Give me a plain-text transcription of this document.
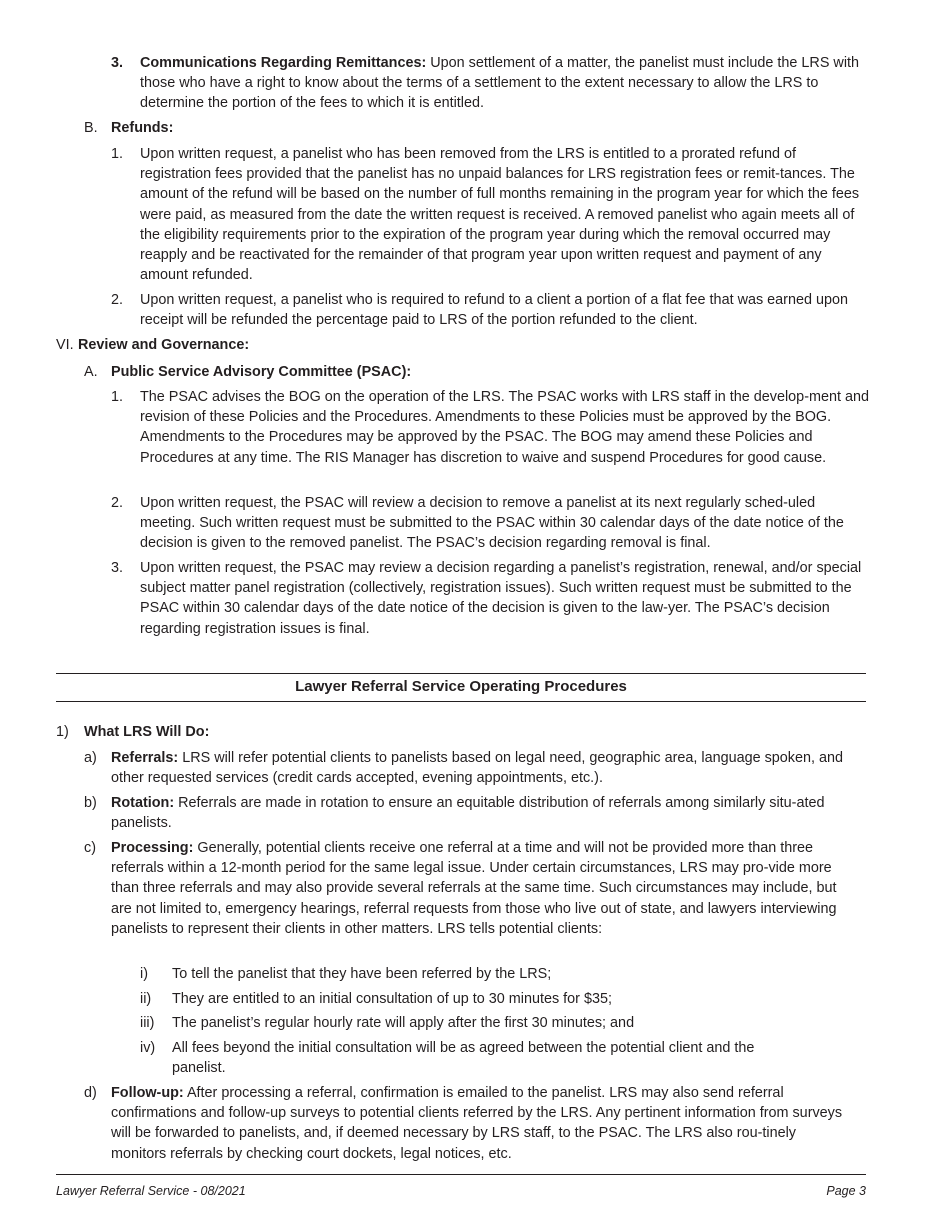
3. Communications Regarding Remittances: Upon settlement of a matter, the panelist must include the LRS with those who have a right to know about the terms of a settlement to the extent necessary to allow the LRS to determine the portion of the fees to which it is entitled.
B. Refunds:
1. Upon written request, a panelist who has been removed from the LRS is entitled to a prorated refund of registration fees provided that the panelist has no unpaid balances for LRS registration fees or remit-tances. The amount of the refund will be based on the number of full months remaining in the program year for which the fees were paid, as measured from the date the written request is received. A removed panelist who again meets all of the eligibility requirements prior to the expiration of the program year during which the removal occurred may reapply and be reactivated for the remainder of that program year upon written request and payment of any amount refunded.
2. Upon written request, a panelist who is required to refund to a client a portion of a flat fee that was earned upon receipt will be refunded the percentage paid to LRS of the portion refunded to the client.
VI. Review and Governance:
A. Public Service Advisory Committee (PSAC):
1. The PSAC advises the BOG on the operation of the LRS. The PSAC works with LRS staff in the develop-ment and revision of these Policies and the Procedures. Amendments to these Policies must be approved by the BOG. Amendments to the Procedures may be approved by the PSAC. The BOG may amend these Policies and Procedures at any time. The RIS Manager has discretion to waive and suspend Procedures for good cause.
2. Upon written request, the PSAC will review a decision to remove a panelist at its next regularly sched-uled meeting. Such written request must be submitted to the PSAC within 30 calendar days of the date notice of the decision is given to the removed panelist. The PSAC’s decision regarding removal is final.
3. Upon written request, the PSAC may review a decision regarding a panelist’s registration, renewal, and/or special subject matter panel registration (collectively, registration issues). Such written request must be submitted to the PSAC within 30 calendar days of the date notice of the decision is given to the law-yer. The PSAC’s decision regarding registration issues is final.
Lawyer Referral Service Operating Procedures
1) What LRS Will Do:
a) Referrals: LRS will refer potential clients to panelists based on legal need, geographic area, language spoken, and other requested services (credit cards accepted, evening appointments, etc.).
b) Rotation: Referrals are made in rotation to ensure an equitable distribution of referrals among similarly situ-ated panelists.
c) Processing: Generally, potential clients receive one referral at a time and will not be provided more than three referrals within a 12-month period for the same legal issue. Under certain circumstances, LRS may pro-vide more than three referrals and may also provide several referrals at the same time. Such circumstances may include, but are not limited to, emergency hearings, referral requests from those who live out of state, and lawyers interviewing panelists to represent their clients in other matters. LRS tells potential clients:
i) To tell the panelist that they have been referred by the LRS;
ii) They are entitled to an initial consultation of up to 30 minutes for $35;
iii) The panelist’s regular hourly rate will apply after the first 30 minutes; and
iv) All fees beyond the initial consultation will be as agreed between the potential client and the panelist.
d) Follow-up: After processing a referral, confirmation is emailed to the panelist. LRS may also send referral confirmations and follow-up surveys to potential clients referred by the LRS. Any pertinent information from surveys will be forwarded to panelists, and, if deemed necessary by LRS staff, to the PSAC. The LRS also rou-tinely monitors referrals by checking court dockets, legal notices, etc.
Lawyer Referral Service - 08/2021	Page 3
